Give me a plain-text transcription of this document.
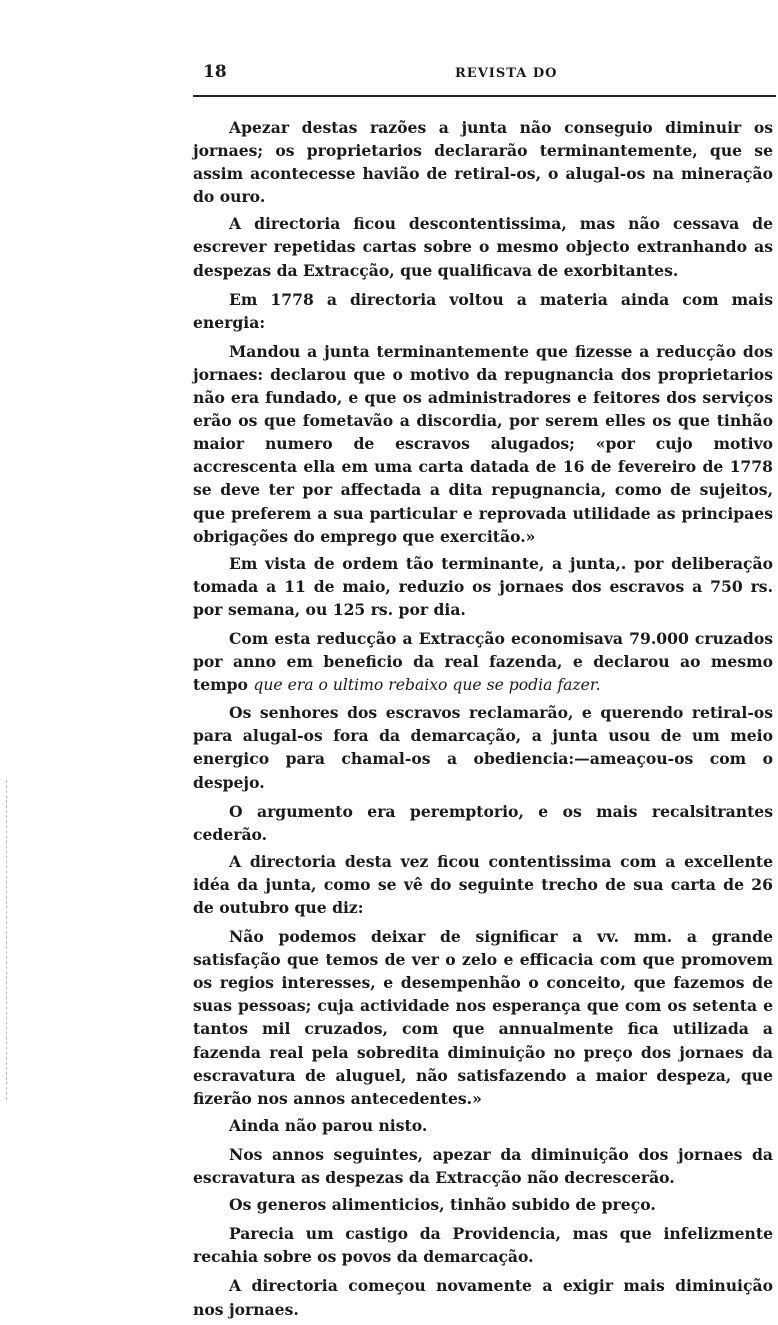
18	REVISTA DO

Apezar destas razões a junta não conseguio diminuir os jornaes; os proprietarios declararão terminantemente, que se assim acontecesse havião de retiral-os, o alugal-os na mineração do ouro.

A directoria ficou descontentissima, mas não cessava de escrever repetidas cartas sobre o mesmo objecto extranhando as despezas da Extracção, que qualificava de exorbitantes.

Em 1778 a directoria voltou a materia ainda com mais energia:

Mandou a junta terminantemente que fizesse a reducção dos jornaes: declarou que o motivo da repugnancia dos proprietarios não era fundado, e que os administradores e feitores dos serviços erão os que fometavão a discordia, por serem elles os que tinhão maior numero de escravos alugados; «por cujo motivo accrescenta ella em uma carta datada de 16 de fevereiro de 1778 se deve ter por affectada a dita repugnancia, como de sujeitos, que preferem a sua particular e reprovada utilidade as principaes obrigações do emprego que exercitão.»

Em vista de ordem tão terminante, a junta,. por deliberação tomada a 11 de maio, reduzio os jornaes dos escravos a 750 rs. por semana, ou 125 rs. por dia.

Com esta reducção a Extracção economisava 79.000 cruzados por anno em beneficio da real fazenda, e declarou ao mesmo tempo que era o ultimo rebaixo que se podia fazer.

Os senhores dos escravos reclamarão, e querendo retiral-os para alugal-os fora da demarcação, a junta usou de um meio energico para chamal-os a obediencia:—ameaçou-os com o despejo.

O argumento era peremptorio, e os mais recalsitrantes cederão.

A directoria desta vez ficou contentissima com a excellente idéa da junta, como se vê do seguinte trecho de sua carta de 26 de outubro que diz:

Não podemos deixar de significar a vv. mm. a grande satisfação que temos de ver o zelo e efficacia com que promovem os regios interesses, e desempenhão o conceito, que fazemos de suas pessoas; cuja actividade nos esperança que com os setenta e tantos mil cruzados, com que annualmente fica utilizada a fazenda real pela sobredita diminuição no preço dos jornaes da escravatura de aluguel, não satisfazendo a maior despeza, que fizerão nos annos antecedentes.»

Ainda não parou nisto.

Nos annos seguintes, apezar da diminuição dos jornaes da escravatura as despezas da Extracção não decrescerão.

Os generos alimenticios, tinhão subido de preço.

Parecia um castigo da Providencia, mas que infelizmente recahia sobre os povos da demarcação.

A directoria começou novamente a exigir mais diminuição nos jornaes.
